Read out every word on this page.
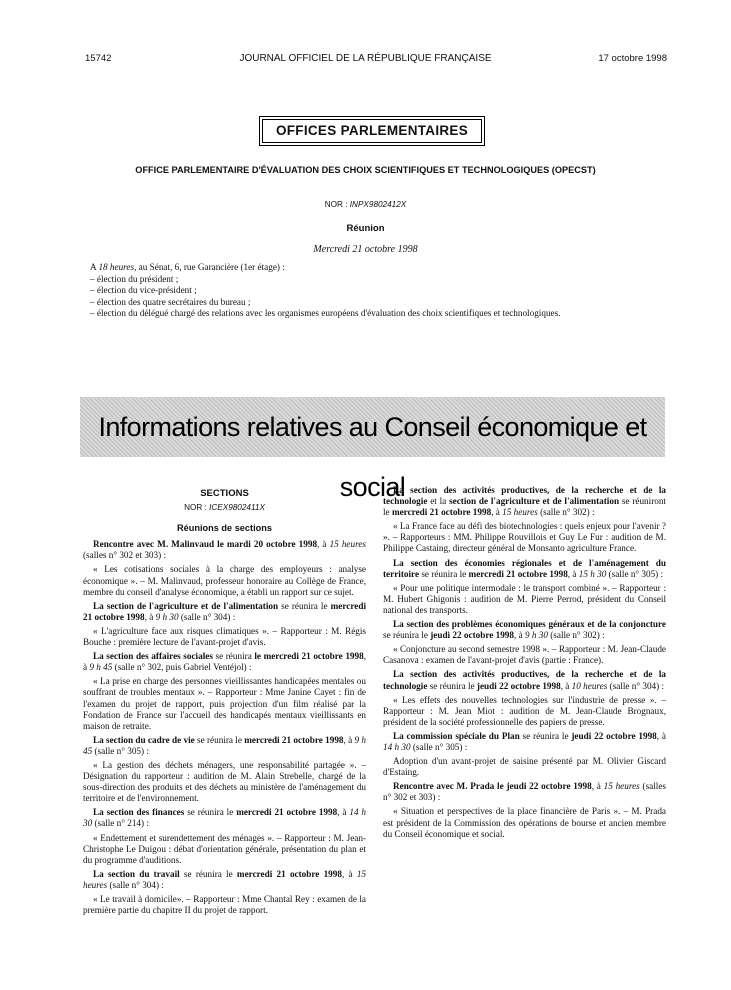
15742	JOURNAL OFFICIEL DE LA RÉPUBLIQUE FRANÇAISE	17 octobre 1998
OFFICES PARLEMENTAIRES
OFFICE PARLEMENTAIRE D'ÉVALUATION DES CHOIX SCIENTIFIQUES ET TECHNOLOGIQUES (OPECST)
NOR : INPX9802412X
Réunion
Mercredi 21 octobre 1998
A 18 heures, au Sénat, 6, rue Garancière (1er étage) :
– élection du président ;
– élection du vice-président ;
– élection des quatre secrétaires du bureau ;
– élection du délégué chargé des relations avec les organismes européens d'évaluation des choix scientifiques et technologiques.
Informations relatives au Conseil économique et social
SECTIONS
NOR : ICEX9802411X
Réunions de sections
Rencontre avec M. Malinvaud le mardi 20 octobre 1998, à 15 heures (salles n° 302 et 303) :
« Les cotisations sociales à la charge des employeurs : analyse économique ». – M. Malinvaud, professeur honoraire au Collège de France, membre du conseil d'analyse économique, a établi un rapport sur ce sujet.
La section de l'agriculture et de l'alimentation se réunira le mercredi 21 octobre 1998, à 9 h 30 (salle n° 304) :
« L'agriculture face aux risques climatiques ». – Rapporteur : M. Régis Bouche : première lecture de l'avant-projet d'avis.
La section des affaires sociales se réunira le mercredi 21 octobre 1998, à 9 h 45 (salle n° 302, puis Gabriel Ventéjol) :
« La prise en charge des personnes vieillissantes handicapées mentales ou souffrant de troubles mentaux ». – Rapporteur : Mme Janine Cayet : fin de l'examen du projet de rapport, puis projection d'un film réalisé par la Fondation de France sur l'accueil des handicapés mentaux vieillissants en maison de retraite.
La section du cadre de vie se réunira le mercredi 21 octobre 1998, à 9 h 45 (salle n° 305) :
« La gestion des déchets ménagers, une responsabilité partagée ». – Désignation du rapporteur : audition de M. Alain Strebelle, chargé de la sous-direction des produits et des déchets au ministère de l'aménagement du territoire et de l'environnement.
La section des finances se réunira le mercredi 21 octobre 1998, à 14 h 30 (salle n° 214) :
« Endettement et surendettement des ménages ». – Rapporteur : M. Jean-Christophe Le Duigou : débat d'orientation générale, présentation du plan et du programme d'auditions.
La section du travail se réunira le mercredi 21 octobre 1998, à 15 heures (salle n° 304) :
« Le travail à domicile». – Rapporteur : Mme Chantal Rey : examen de la première partie du chapitre II du projet de rapport.
La section des activités productives, de la recherche et de la technologie et la section de l'agriculture et de l'alimentation se réuniront le mercredi 21 octobre 1998, à 15 heures (salle n° 302) :
« La France face au défi des biotechnologies : quels enjeux pour l'avenir ? ». – Rapporteurs : MM. Philippe Rouvillois et Guy Le Fur : audition de M. Philippe Castaing, directeur général de Monsanto agriculture France.
La section des économies régionales et de l'aménagement du territoire se réunira le mercredi 21 octobre 1998, à 15 h 30 (salle n° 305) :
« Pour une politique intermodale : le transport combiné ». – Rapporteur : M. Hubert Ghigonis : audition de M. Pierre Perrod, président du Conseil national des transports.
La section des problèmes économiques généraux et de la conjoncture se réunira le jeudi 22 octobre 1998, à 9 h 30 (salle n° 302) :
« Conjoncture au second semestre 1998 ». – Rapporteur : M. Jean-Claude Casanova : examen de l'avant-projet d'avis (partie : France).
La section des activités productives, de la recherche et de la technologie se réunira le jeudi 22 octobre 1998, à 10 heures (salle n° 304) :
« Les effets des nouvelles technologies sur l'industrie de presse ». – Rapporteur : M. Jean Miot : audition de M. Jean-Claude Brognaux, président de la société professionnelle des papiers de presse.
La commission spéciale du Plan se réunira le jeudi 22 octobre 1998, à 14 h 30 (salle n° 305) :
Adoption d'un avant-projet de saisine présenté par M. Olivier Giscard d'Estaing.
Rencontre avec M. Prada le jeudi 22 octobre 1998, à 15 heures (salles n° 302 et 303) :
« Situation et perspectives de la place financière de Paris ». – M. Prada est président de la Commission des opérations de bourse et ancien membre du Conseil économique et social.
